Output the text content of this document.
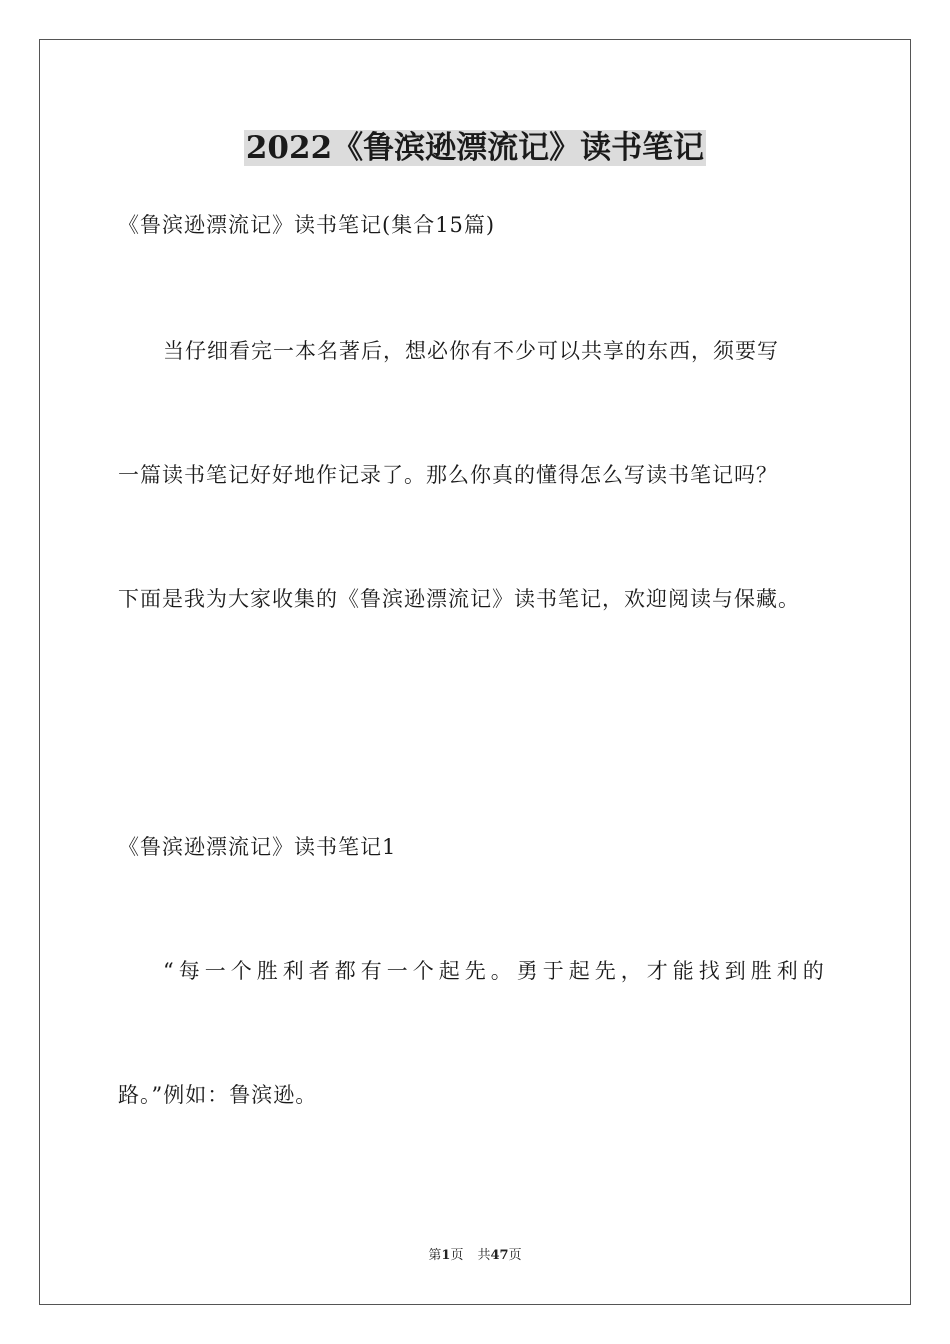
2022《鲁滨逊漂流记》读书笔记

《鲁滨逊漂流记》读书笔记(集合15篇)

当仔细看完一本名著后，想必你有不少可以共享的东西，须要写

一篇读书笔记好好地作记录了。那么你真的懂得怎么写读书笔记吗？

下面是我为大家收集的《鲁滨逊漂流记》读书笔记，欢迎阅读与保藏。

《鲁滨逊漂流记》读书笔记1

“每一个胜利者都有一个起先。勇于起先，才能找到胜利的

路。”例如：鲁滨逊。

第1页 共47页
